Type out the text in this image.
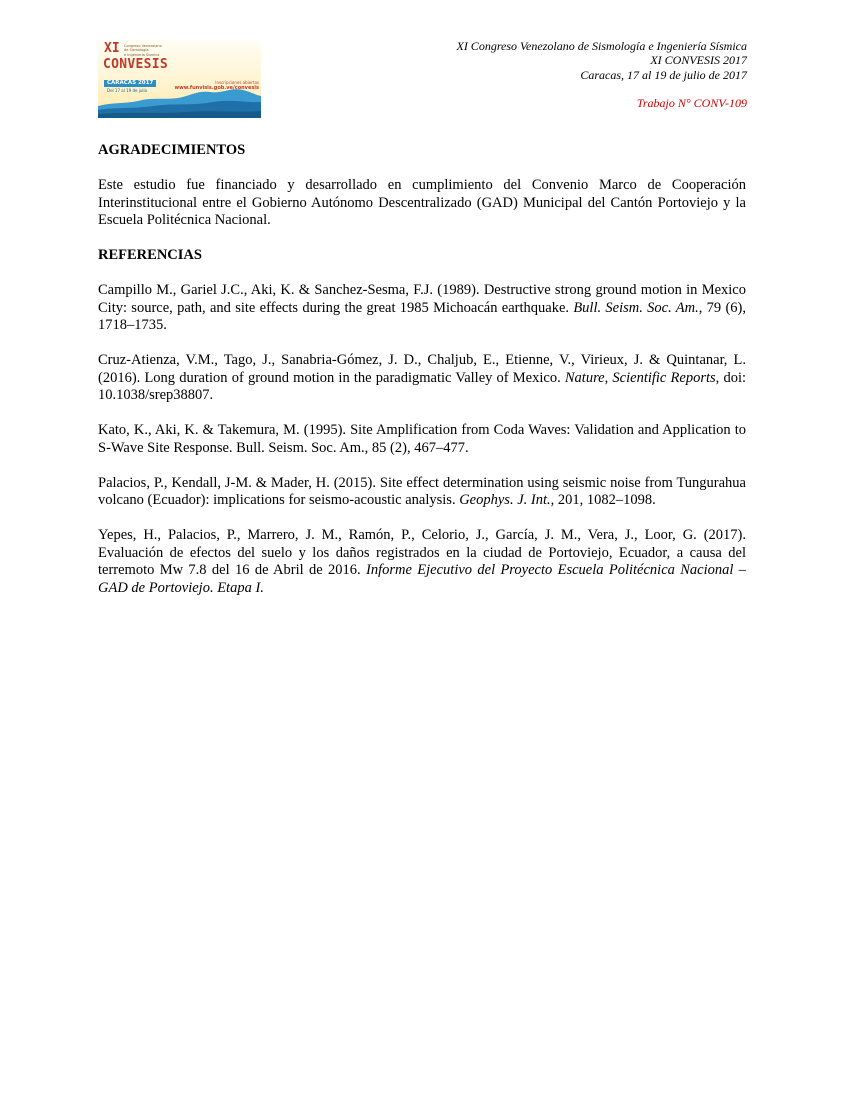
XI Congreso Venezolano
de Sismología
e Ingeniería Sísmica
CONVESIS
CARACAS 2017
Del 17 al 19 de julio
Inscripciones abiertas
www.funvisis.gob.ve/convesis
XI Congreso Venezolano de Sismología e Ingeniería Sísmica
XI CONVESIS 2017
Caracas, 17 al 19 de julio de 2017
Trabajo N° CONV-109
AGRADECIMIENTOS

Este estudio fue financiado y desarrollado en cumplimiento del Convenio Marco de Cooperación Interinstitucional entre el Gobierno Autónomo Descentralizado (GAD) Municipal del Cantón Portoviejo y la Escuela Politécnica Nacional.

REFERENCIAS
Campillo M., Gariel J.C., Aki, K. & Sanchez-Sesma, F.J. (1989). Destructive strong ground motion in Mexico City: source, path, and site effects during the great 1985 Michoacán earthquake. Bull. Seism. Soc. Am., 79 (6), 1718–1735.
Cruz-Atienza, V.M., Tago, J., Sanabria-Gómez, J. D., Chaljub, E., Etienne, V., Virieux, J. & Quintanar, L. (2016). Long duration of ground motion in the paradigmatic Valley of Mexico. Nature, Scientific Reports, doi: 10.1038/srep38807.
Kato, K., Aki, K. & Takemura, M. (1995). Site Amplification from Coda Waves: Validation and Application to S-Wave Site Response. Bull. Seism. Soc. Am., 85 (2), 467–477.
Palacios, P., Kendall, J-M. & Mader, H. (2015). Site effect determination using seismic noise from Tungurahua volcano (Ecuador): implications for seismo-acoustic analysis. Geophys. J. Int., 201, 1082–1098.
Yepes, H., Palacios, P., Marrero, J. M., Ramón, P., Celorio, J., García, J. M., Vera, J., Loor, G. (2017). Evaluación de efectos del suelo y los daños registrados en la ciudad de Portoviejo, Ecuador, a causa del terremoto Mw 7.8 del 16 de Abril de 2016. Informe Ejecutivo del Proyecto Escuela Politécnica Nacional – GAD de Portoviejo. Etapa I.
